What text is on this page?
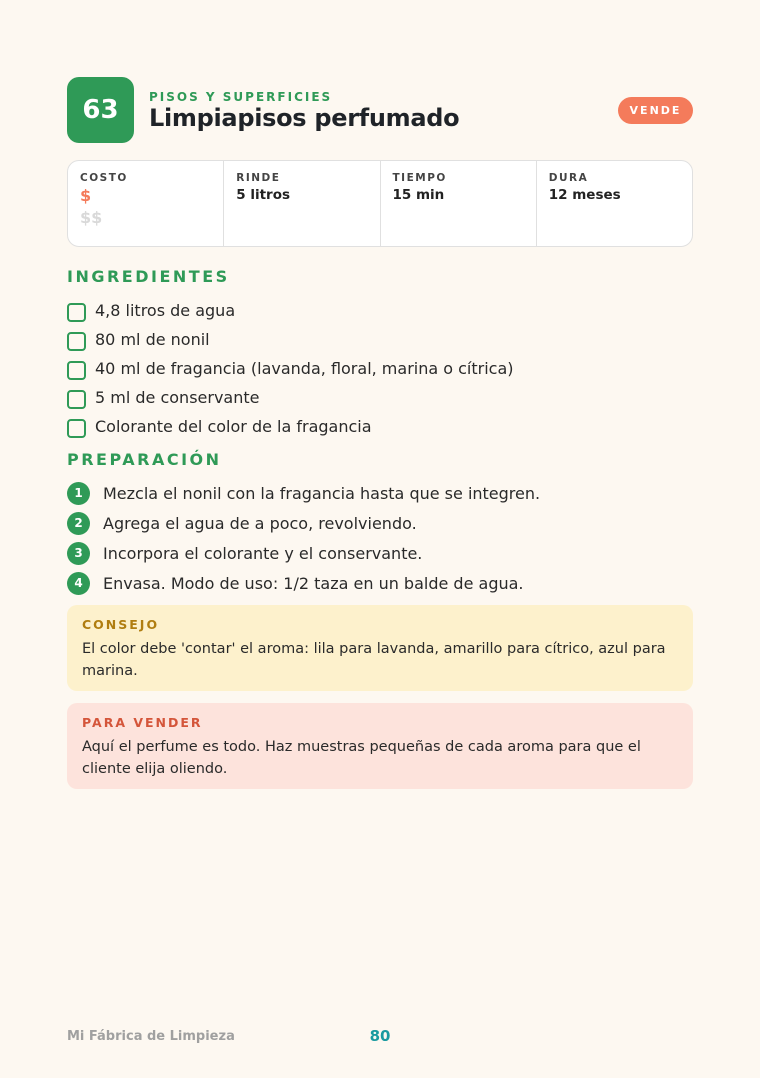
63	PISOS Y SUPERFICIES
Limpiapisos perfumado	VENDE
COSTO
$
$$
RINDE
5 litros
TIEMPO
15 min
DURA
12 meses
INGREDIENTES
4,8 litros de agua
80 ml de nonil
40 ml de fragancia (lavanda, floral, marina o cítrica)
5 ml de conservante
Colorante del color de la fragancia
PREPARACIÓN
1	Mezcla el nonil con la fragancia hasta que se integren.
2	Agrega el agua de a poco, revolviendo.
3	Incorpora el colorante y el conservante.
4	Envasa. Modo de uso: 1/2 taza en un balde de agua.
CONSEJO
El color debe 'contar' el aroma: lila para lavanda, amarillo para cítrico, azul para marina.
PARA VENDER
Aquí el perfume es todo. Haz muestras pequeñas de cada aroma para que el cliente elija oliendo.
Mi Fábrica de Limpieza	80
